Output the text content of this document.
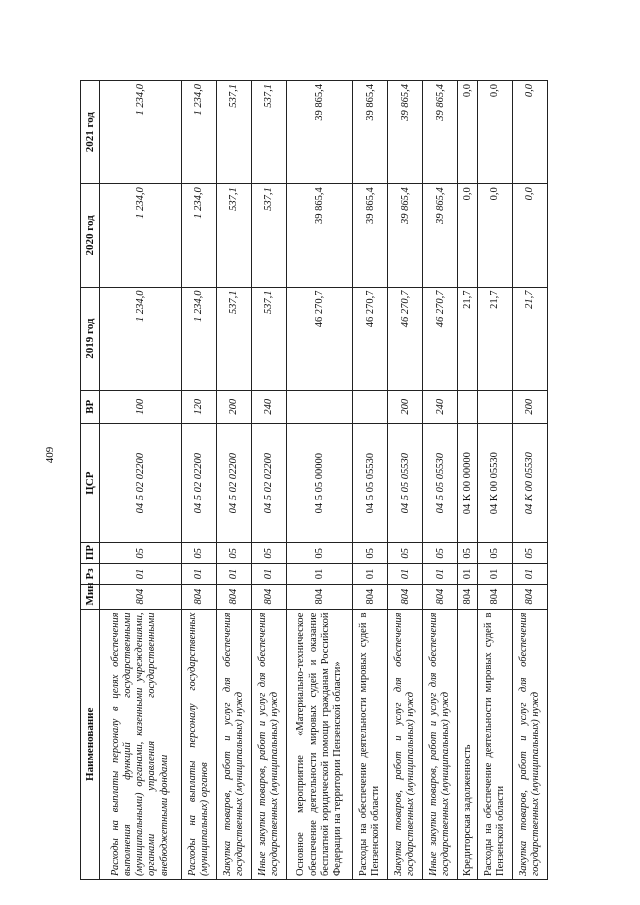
409
Наименование	Мин	Рз	ПР	ЦСР	ВР	2019 год	2020 год	2021 год
Расходы на выплаты персоналу в целях обеспечения выполнения функций государственными (муниципальными) органами, казенными учреждениями, органами управления государственными внебюджетными фондами	804	01	05	04 5 02 02200	100	1 234,0	1 234,0	1 234,0
Расходы на выплаты персоналу государственных (муниципальных) органов	804	01	05	04 5 02 02200	120	1 234,0	1 234,0	1 234,0
Закупка товаров, работ и услуг для обеспечения государственных (муниципальных) нужд	804	01	05	04 5 02 02200	200	537,1	537,1	537,1
Иные закупки товаров, работ и услуг для обеспечения государственных (муниципальных) нужд	804	01	05	04 5 02 02200	240	537,1	537,1	537,1
Основное мероприятие «Материально-техническое обеспечение деятельности мировых судей и оказание бесплатной юридической помощи гражданам Российской Федерации на территории Пензенской области»	804	01	05	04 5 05 00000		46 270,7	39 865,4	39 865,4
Расходы на обеспечение деятельности мировых судей в Пензенской области	804	01	05	04 5 05 05530		46 270,7	39 865,4	39 865,4
Закупка товаров, работ и услуг для обеспечения государственных (муниципальных) нужд	804	01	05	04 5 05 05530	200	46 270,7	39 865,4	39 865,4
Иные закупки товаров, работ и услуг для обеспечения государственных (муниципальных) нужд	804	01	05	04 5 05 05530	240	46 270,7	39 865,4	39 865,4
Кредиторская задолженность	804	01	05	04 К 00 00000		21,7	0,0	0,0
Расходы на обеспечение деятельности мировых судей в Пензенской области	804	01	05	04 К 00 05530		21,7	0,0	0,0
Закупка товаров, работ и услуг для обеспечения государственных (муниципальных) нужд	804	01	05	04 К 00 05530	200	21,7	0,0	0,0
